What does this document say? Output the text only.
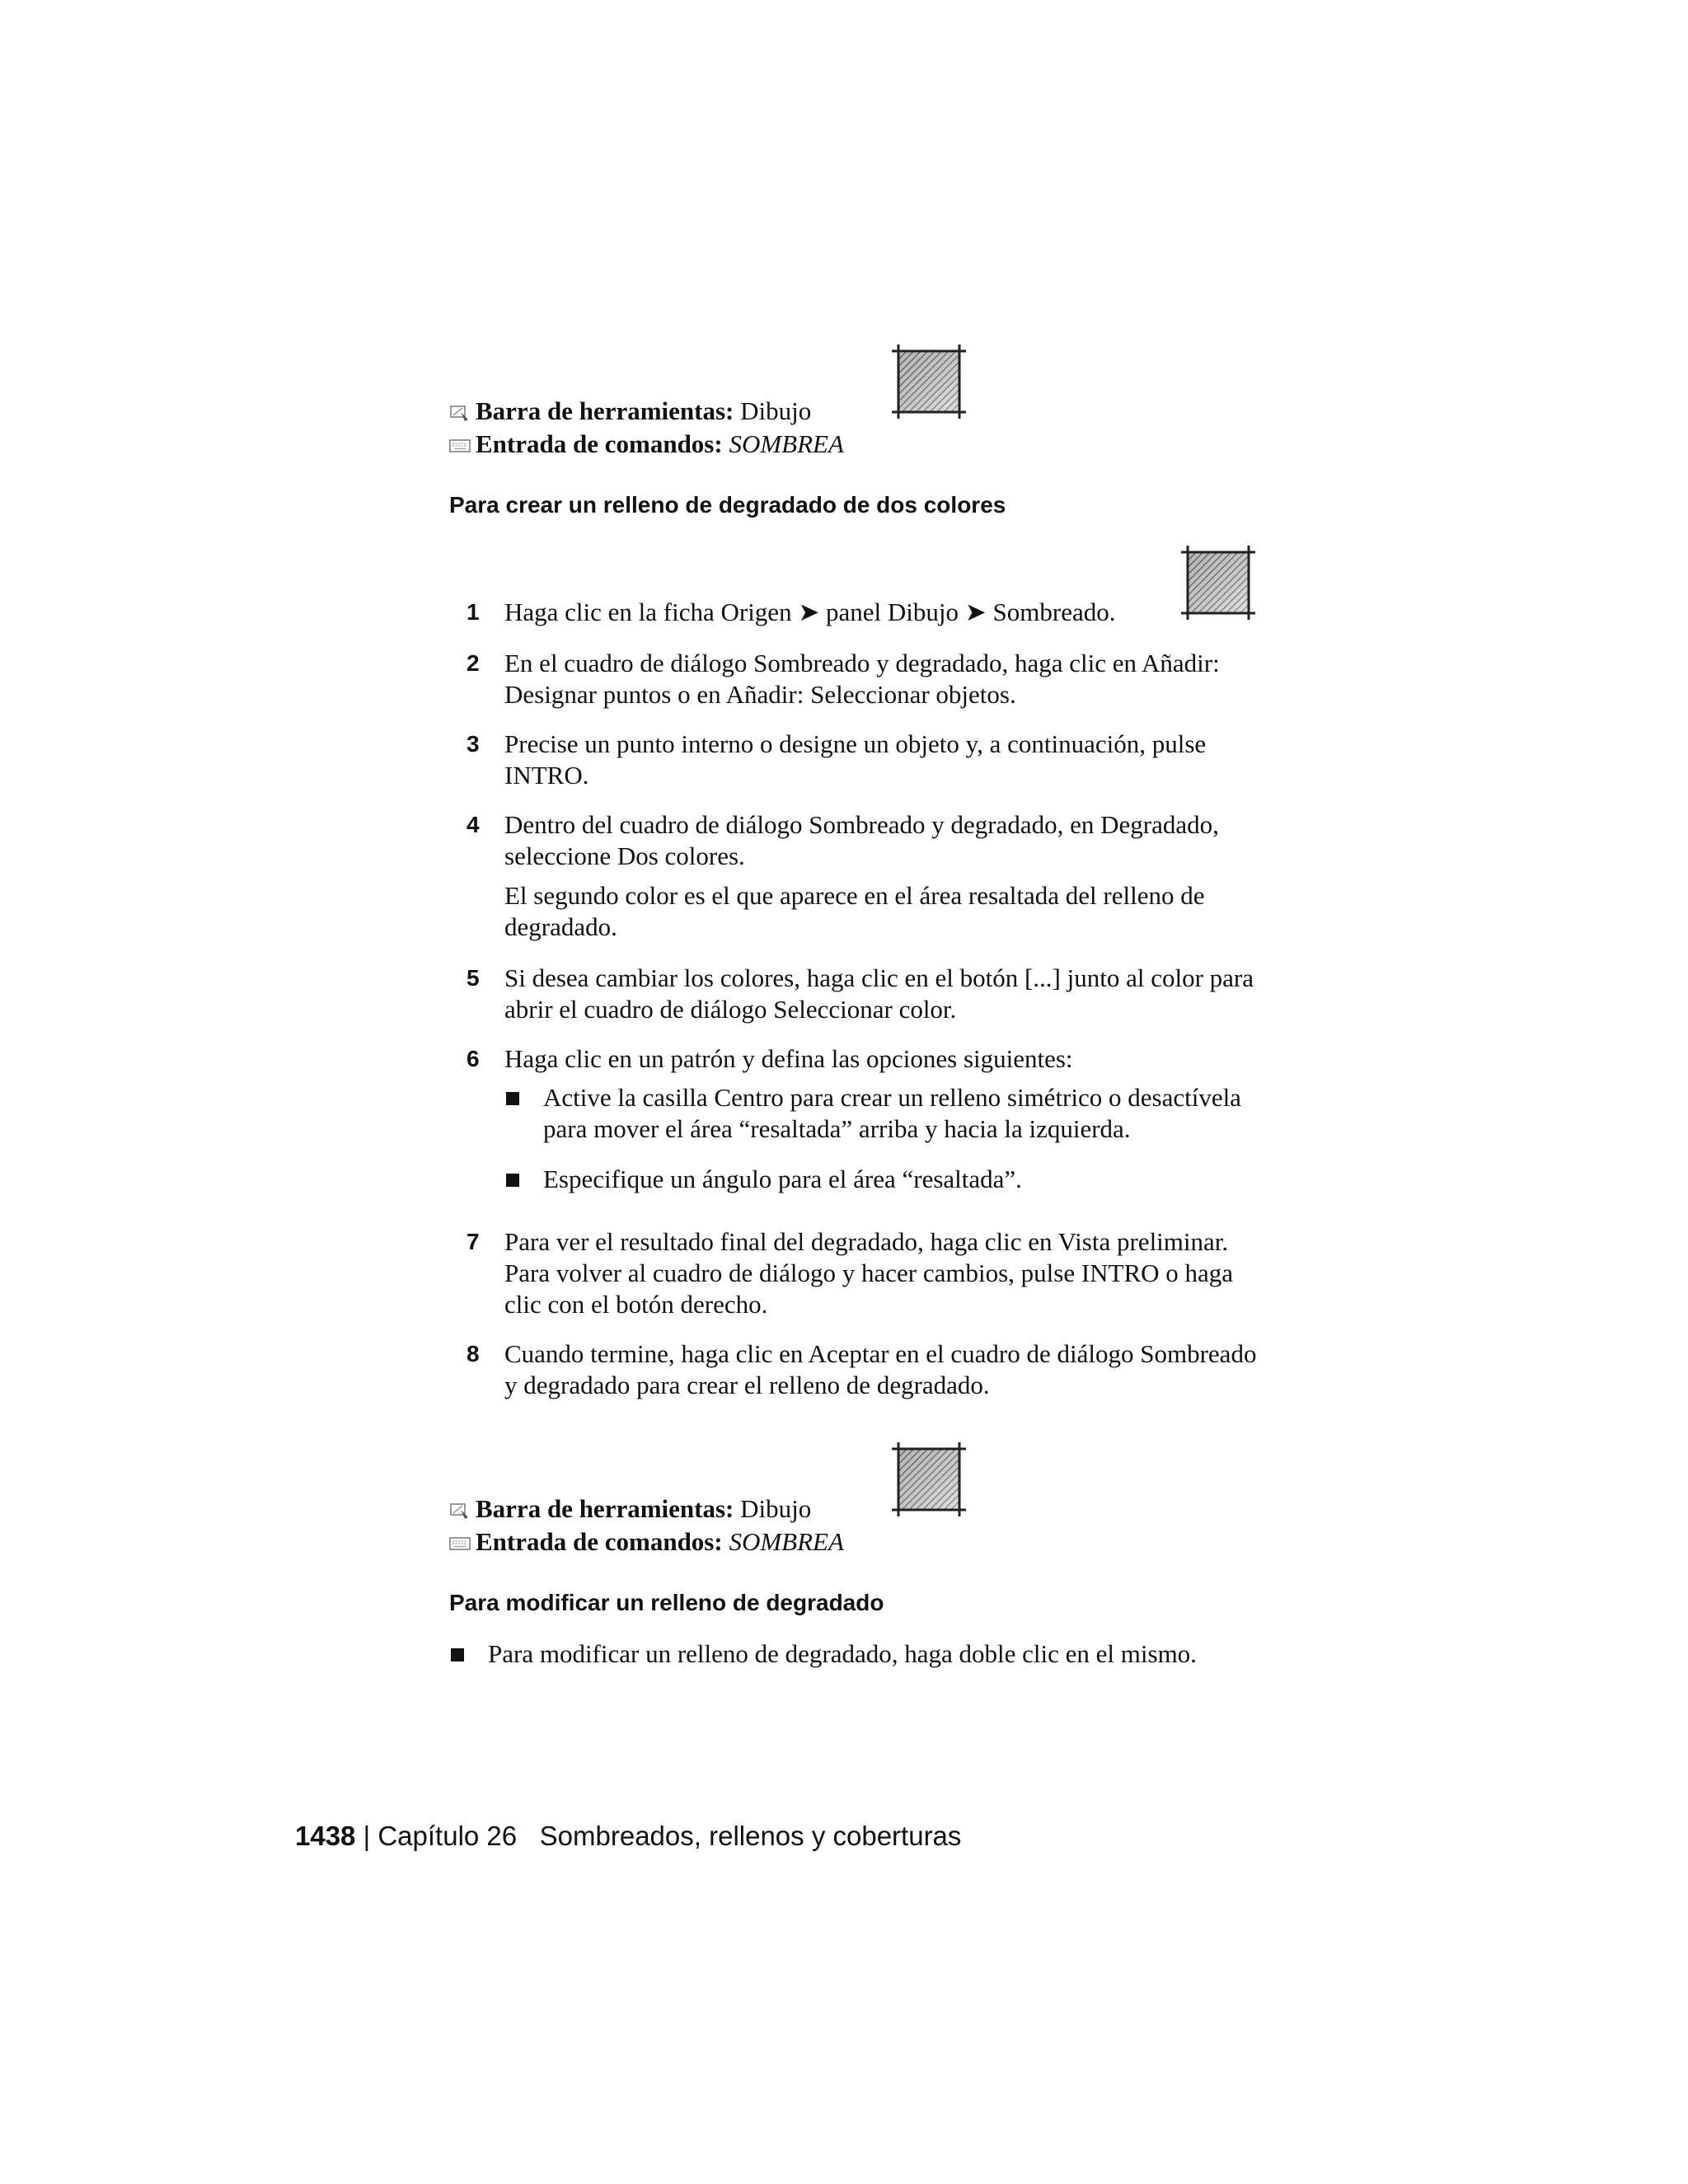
Barra de herramientas: Dibujo
Entrada de comandos: SOMBREA
Para crear un relleno de degradado de dos colores
1 Haga clic en la ficha Origen ➤ panel Dibujo ➤ Sombreado.
2 En el cuadro de diálogo Sombreado y degradado, haga clic en Añadir:
Designar puntos o en Añadir: Seleccionar objetos.
3 Precise un punto interno o designe un objeto y, a continuación, pulse
INTRO.
4 Dentro del cuadro de diálogo Sombreado y degradado, en Degradado,
seleccione Dos colores.
El segundo color es el que aparece en el área resaltada del relleno de
degradado.
5 Si desea cambiar los colores, haga clic en el botón [...] junto al color para
abrir el cuadro de diálogo Seleccionar color.
6 Haga clic en un patrón y defina las opciones siguientes:
Active la casilla Centro para crear un relleno simétrico o desactívela
para mover el área “resaltada” arriba y hacia la izquierda.
Especifique un ángulo para el área “resaltada”.
7 Para ver el resultado final del degradado, haga clic en Vista preliminar.
Para volver al cuadro de diálogo y hacer cambios, pulse INTRO o haga
clic con el botón derecho.
8 Cuando termine, haga clic en Aceptar en el cuadro de diálogo Sombreado
y degradado para crear el relleno de degradado.
Barra de herramientas: Dibujo
Entrada de comandos: SOMBREA
Para modificar un relleno de degradado
Para modificar un relleno de degradado, haga doble clic en el mismo.
1438 | Capítulo 26 Sombreados, rellenos y coberturas
